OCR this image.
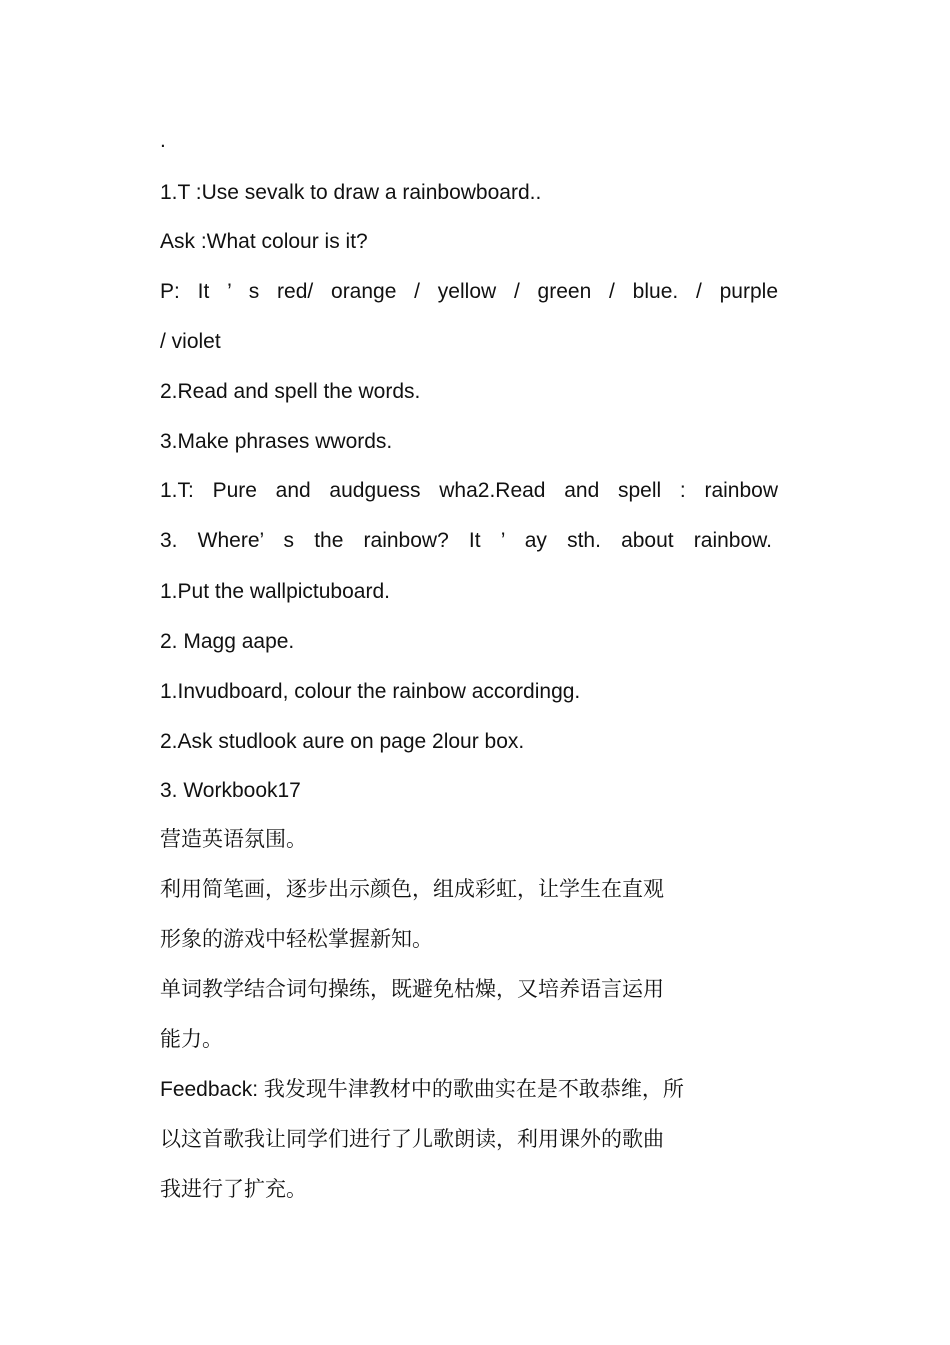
.
1.T :Use sevalk to draw a rainbowboard..
Ask :What colour is it?
P: It ’ s red/ orange / yellow / green / blue. / purple
/ violet
2.Read and spell the words.
3.Make phrases wwords.
1.T: Pure and audguess wha2.Read and spell : rainbow
3. Where’ s the rainbow? It ’ ay sth. about rainbow.
1.Put the wallpictuboard.
2. Magg aape.
1.Invudboard, colour the rainbow accordingg.
2.Ask studlook aure on page 2lour box.
3. Workbook17
营造英语氛围。
利用简笔画，逐步出示颜色，组成彩虹，让学生在直观
形象的游戏中轻松掌握新知。
单词教学结合词句操练，既避免枯燥，又培养语言运用
能力。
Feedback: 我发现牛津教材中的歌曲实在是不敢恭维，所
以这首歌我让同学们进行了儿歌朗读，利用课外的歌曲
我进行了扩充。
